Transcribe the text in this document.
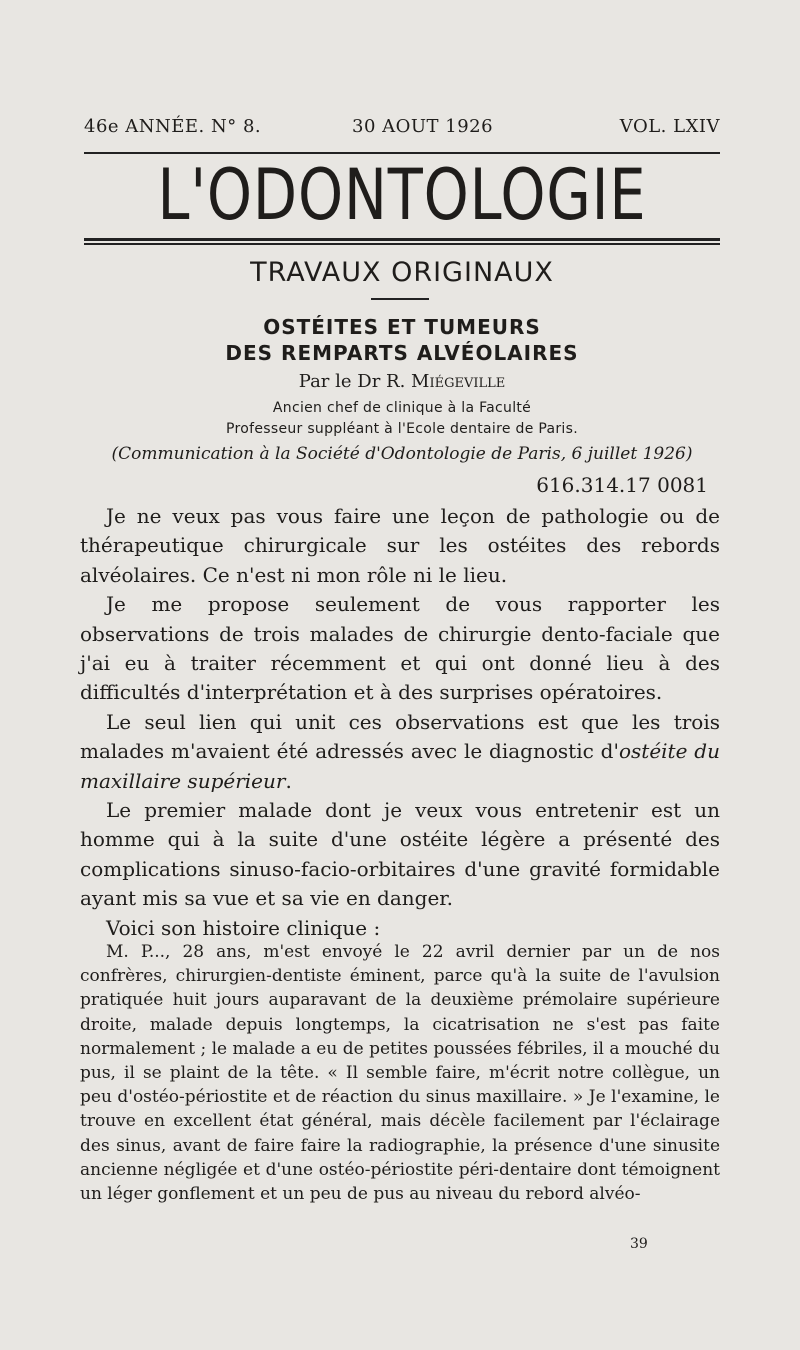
46e ANNÉE. N° 8.	30 AOUT 1926	VOL. LXIV
L'ODONTOLOGIE
TRAVAUX ORIGINAUX
OSTÉITES ET TUMEURS
DES REMPARTS ALVÉOLAIRES
Par le Dr R. Miégeville
Ancien chef de clinique à la Faculté
Professeur suppléant à l'Ecole dentaire de Paris.
(Communication à la Société d'Odontologie de Paris, 6 juillet 1926)
616.314.17 0081

Je ne veux pas vous faire une leçon de pathologie ou de thérapeutique chirurgicale sur les ostéites des rebords alvéolaires. Ce n'est ni mon rôle ni le lieu.

Je me propose seulement de vous rapporter les observations de trois malades de chirurgie dento-faciale que j'ai eu à traiter récemment et qui ont donné lieu à des difficultés d'interprétation et à des surprises opératoires.

Le seul lien qui unit ces observations est que les trois malades m'avaient été adressés avec le diagnostic d'ostéite du maxillaire supérieur.

Le premier malade dont je veux vous entretenir est un homme qui à la suite d'une ostéite légère a présenté des complications sinuso-facio-orbitaires d'une gravité formidable ayant mis sa vue et sa vie en danger.

Voici son histoire clinique :

M. P..., 28 ans, m'est envoyé le 22 avril dernier par un de nos confrères, chirurgien-dentiste éminent, parce qu'à la suite de l'avulsion pratiquée huit jours auparavant de la deuxième prémolaire supérieure droite, malade depuis longtemps, la cicatrisation ne s'est pas faite normalement ; le malade a eu de petites poussées fébriles, il a mouché du pus, il se plaint de la tête. « Il semble faire, m'écrit notre collègue, un peu d'ostéo-périostite et de réaction du sinus maxillaire. » Je l'examine, le trouve en excellent état général, mais décèle facilement par l'éclairage des sinus, avant de faire faire la radiographie, la présence d'une sinusite ancienne négligée et d'une ostéo-périostite péri-dentaire dont témoignent un léger gonflement et un peu de pus au niveau du rebord alvéo-

39
